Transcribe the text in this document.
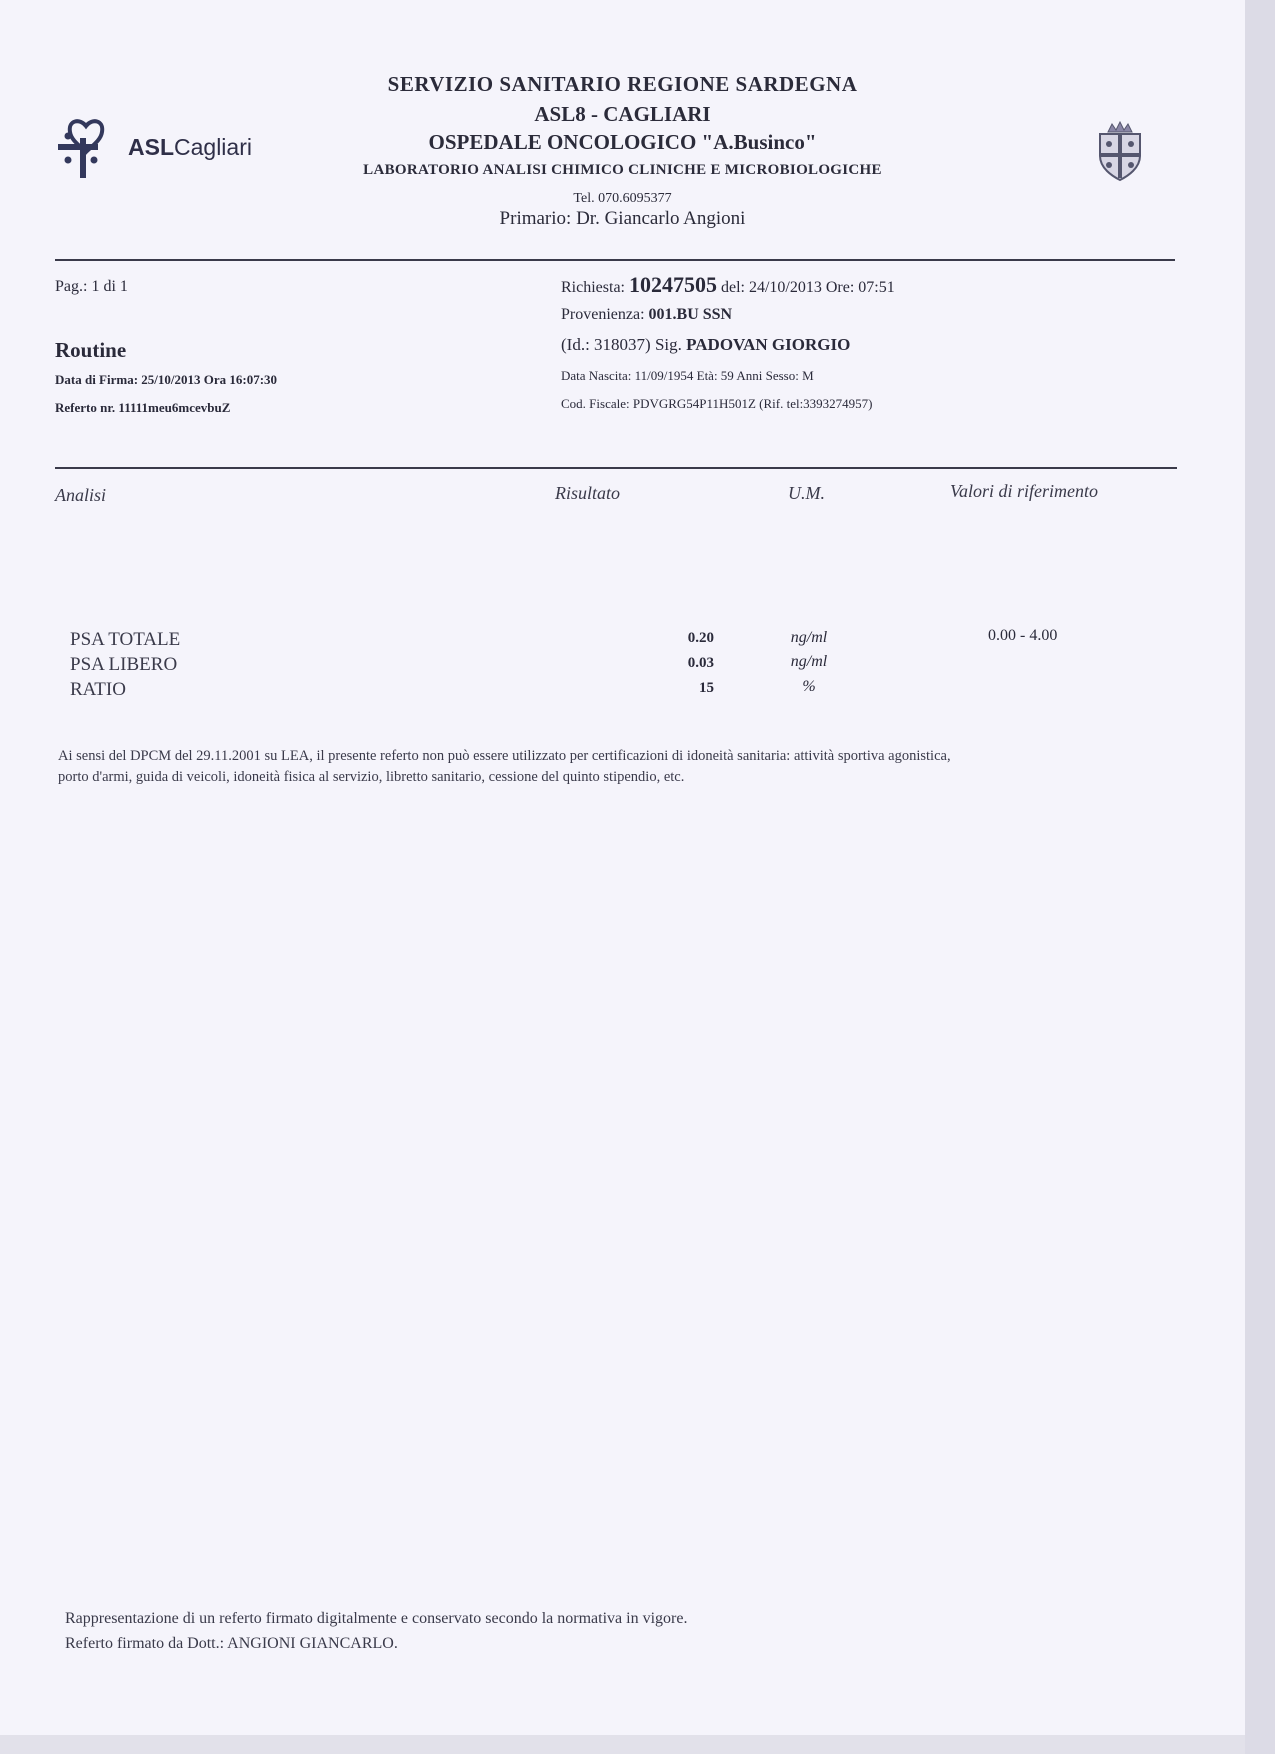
ASLCagliari
SERVIZIO SANITARIO REGIONE SARDEGNA
ASL8 - CAGLIARI
OSPEDALE ONCOLOGICO "A.Businco"
LABORATORIO ANALISI CHIMICO CLINICHE E MICROBIOLOGICHE
Tel. 070.6095377
Primario: Dr. Giancarlo Angioni
Pag.: 1 di 1
Routine
Data di Firma: 25/10/2013 Ora 16:07:30
Referto nr. 11111meu6mcevbuZ
Richiesta: 10247505 del: 24/10/2013 Ore: 07:51
Provenienza: 001.BU SSN
(Id.: 318037) Sig. PADOVAN GIORGIO
Data Nascita: 11/09/1954 Età: 59 Anni Sesso: M
Cod. Fiscale: PDVGRG54P11H501Z (Rif. tel:3393274957)
Analisi	Risultato	U.M.	Valori di riferimento
PSA TOTALE	0.20	ng/ml	0.00 - 4.00
PSA LIBERO	0.03	ng/ml
RATIO	15	%
Ai sensi del DPCM del 29.11.2001 su LEA, il presente referto non può essere utilizzato per certificazioni di idoneità sanitaria: attività sportiva agonistica,
porto d'armi, guida di veicoli, idoneità fisica al servizio, libretto sanitario, cessione del quinto stipendio, etc.
Rappresentazione di un referto firmato digitalmente e conservato secondo la normativa in vigore.
Referto firmato da Dott.: ANGIONI GIANCARLO.
